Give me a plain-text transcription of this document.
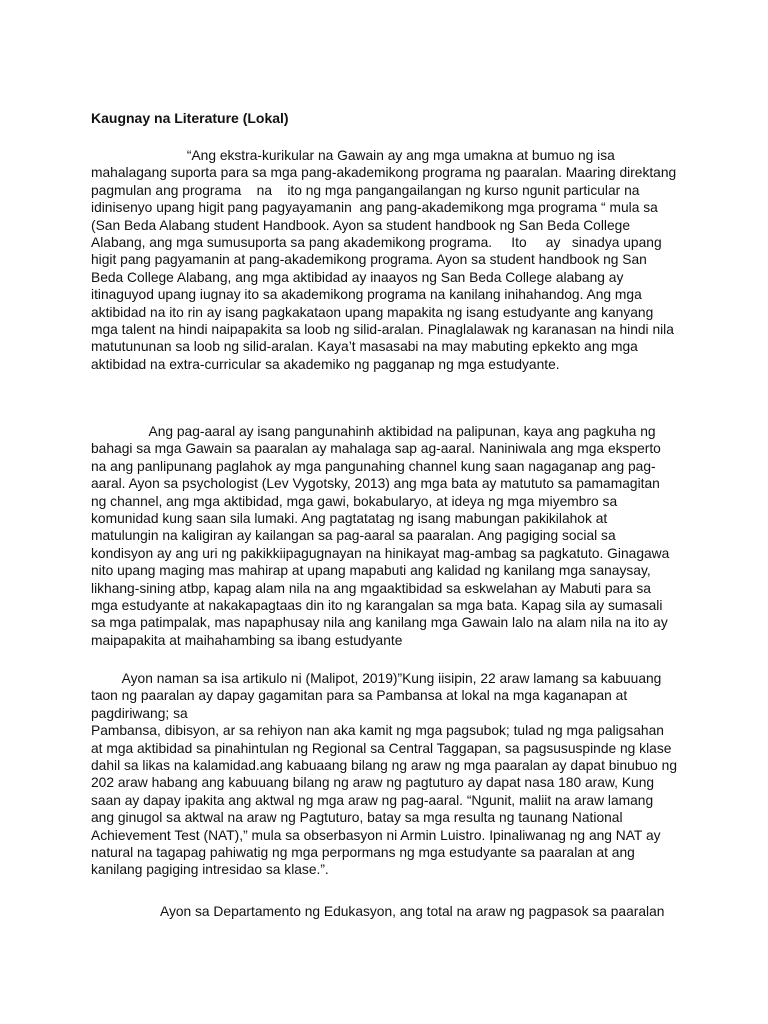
Kaugnay na Literature (Lokal)

“Ang ekstra-kurikular na Gawain ay ang mga umakna at bumuo ng isa
mahalagang suporta para sa mga pang-akademikong programa ng paaralan. Maaring direktang
pagmulan ang programa    na    ito ng mga pangangailangan ng kurso ngunit particular na
idinisenyo upang higit pang pagyayamanin  ang pang-akademikong mga programa “ mula sa
(San Beda Alabang student Handbook. Ayon sa student handbook ng San Beda College
Alabang, ang mga sumusuporta sa pang akademikong programa.     Ito     ay   sinadya upang
higit pang pagyamanin at pang-akademikong programa. Ayon sa student handbook ng San
Beda College Alabang, ang mga aktibidad ay inaayos ng San Beda College alabang ay
itinaguyod upang iugnay ito sa akademikong programa na kanilang inihahandog. Ang mga
aktibidad na ito rin ay isang pagkakataon upang mapakita ng isang estudyante ang kanyang
mga talent na hindi naipapakita sa loob ng silid-aralan. Pinaglalawak ng karanasan na hindi nila
matutununan sa loob ng silid-aralan. Kaya’t masasabi na may mabuting epkekto ang mga
aktibidad na extra-curricular sa akademiko ng pagganap ng mga estudyante.

Ang pag-aaral ay isang pangunahinh aktibidad na palipunan, kaya ang pagkuha ng
bahagi sa mga Gawain sa paaralan ay mahalaga sap ag-aaral. Naniniwala ang mga eksperto
na ang panlipunang paglahok ay mga pangunahing channel kung saan nagaganap ang pag-
aaral. Ayon sa psychologist (Lev Vygotsky, 2013) ang mga bata ay matututo sa pamamagitan
ng channel, ang mga aktibidad, mga gawi, bokabularyo, at ideya ng mga miyembro sa
komunidad kung saan sila lumaki. Ang pagtatatag ng isang mabungan pakikilahok at
matulungin na kaligiran ay kailangan sa pag-aaral sa paaralan. Ang pagiging social sa
kondisyon ay ang uri ng pakikkiipagugnayan na hinikayat mag-ambag sa pagkatuto. Ginagawa
nito upang maging mas mahirap at upang mapabuti ang kalidad ng kanilang mga sanaysay,
likhang-sining atbp, kapag alam nila na ang mgaaktibidad sa eskwelahan ay Mabuti para sa
mga estudyante at nakakapagtaas din ito ng karangalan sa mga bata. Kapag sila ay sumasali
sa mga patimpalak, mas napaphusay nila ang kanilang mga Gawain lalo na alam nila na ito ay
maipapakita at maihahambing sa ibang estudyante

Ayon naman sa isa artikulo ni (Malipot, 2019)”Kung iisipin, 22 araw lamang sa kabuuang
taon ng paaralan ay dapay gagamitan para sa Pambansa at lokal na mga kaganapan at
pagdiriwang; sa
Pambansa, dibisyon, ar sa rehiyon nan aka kamit ng mga pagsubok; tulad ng mga paligsahan
at mga aktibidad sa pinahintulan ng Regional sa Central Taggapan, sa pagsususpinde ng klase
dahil sa likas na kalamidad.ang kabuaang bilang ng araw ng mga paaralan ay dapat binubuo ng
202 araw habang ang kabuuang bilang ng araw ng pagtuturo ay dapat nasa 180 araw, Kung
saan ay dapay ipakita ang aktwal ng mga araw ng pag-aaral. “Ngunit, maliit na araw lamang
ang ginugol sa aktwal na araw ng Pagtuturo, batay sa mga resulta ng taunang National
Achievement Test (NAT),” mula sa obserbasyon ni Armin Luistro. Ipinaliwanag ng ang NAT ay
natural na tagapag pahiwatig ng mga perpormans ng mga estudyante sa paaralan at ang
kanilang pagiging intresidao sa klase.”.

Ayon sa Departamento ng Edukasyon, ang total na araw ng pagpasok sa paaralan
